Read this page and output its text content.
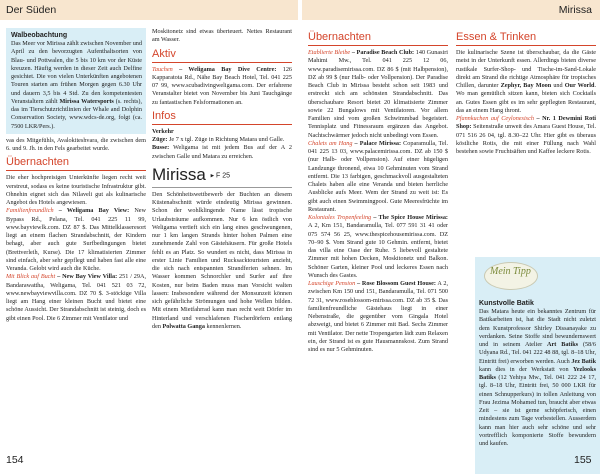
Der Süden	Mirissa
Walbeobachtung
Das Meer vor Mirissa zählt zwischen November und April zu den bevorzugten Aufenthaltsorten von Blau- und Pottwalen, die 5 bis 10 km vor der Küste kreuzen. Häufig werden in dieser Zeit auch Delfine gesichtet. Die von vielen Unterkünften angebotenen Touren starten am frühen Morgen gegen 6.30 Uhr und dauern 3,5 bis 4 Std. Zu den kompetentesten Veranstaltern zählt Mirissa Watersports (s. rechts), das im Tierschutzrichtlinien der Whale and Dolphin Conservation Society, www.wdcs-de.org, folgt (ca. 7500 LKR/Pers.).

vas des Mitgefühls, Avalokiteshvara, die zwischen dem 6. und 9. Jh. in den Fels gearbeitet wurde.

Übernachten

Die eher hochpreisigen Unterkünfte liegen recht weit verstreut, sodass es keine touristische Infrastruktur gibt. Ohnehin eignet sich das Nilaveli gut als kulinarische Angebot des Hotels angewiesen.

Familienfreundlich – Weligama Bay View: New Bypass Rd., Pelana, Tel. 041 225 11 99, www.bayviewlk.com. DZ 87 $. Das Mittelklasseresort liegt an einem flachen Strandabschnitt, der Kindern behagt, aber auch gute Surfbedingungen bietet (Brettverleih, Kurse). Die 17 klimatisierten Zimmer sind einfach, aber sehr gepflegt und haben fast alle eine Veranda. Gelobt wird auch die Küche.

Mit Blick auf Bucht – New Bay View Villa: 251 / 29A, Bandarawattha, Weligama, Tel. 041 521 03 72, www.newbayviewvilla.com. DZ 70 $. 3-stöckige Villa liegt am Hang einer kleinen Bucht und bietet eine schöne Aussicht. Der Strandabschnitt ist steinig, doch es gibt einen Pool. Die 6 Zimmer mit Ventilator und

Moskitonetz sind etwas überteuert. Nettes Restaurant am Wasser.

Aktiv

Tauchen – Weligama Bay Dive Centre: 126 Kapparatota Rd., Nähe Bay Beach Hotel, Tel. 041 225 07 99, www.scubadivingweligama.com. Der erfahrene Veranstalter bietet von November bis Juni Tauchgänge zu fantastischen Felsformationen an.

Infos

Verkehr

Züge: Je 7 x tgl. Züge in Richtung Matara und Galle.

Busse: Weligama ist mit jedem Bus auf der A 2 zwischen Galle und Matara zu erreichen.

Mirissa ▸ F 25

Den Schönheitswettbewerb der Buchten an diesem Küstenabschnitt würde eindeutig Mirissa gewinnen. Schon der wohlklingende Name lässt tropische Urlaubsträume aufkommen. Nur 6 km östlich von Weligama vertieft sich ein lang eines geschwungenen, nur 1 km langen Strands hinter hohen Palmen eine zunehmende Zahl von Gästehäusern. Für große Hotels fehlt es an Platz. So wundert es nicht, dass Mirissa in erster Linie Familien und Rucksacktouristen anzieht, die sich nach entspannten Strandferien sehnen. Im Wasser kommen Schnorchler und Surfer auf ihre Kosten, nur beim Baden muss man Vorsicht walten lassen: Insbesondere während der Monsunzeit können sich gefährliche Strömungen und hohe Wellen bilden. Mit einem Mietfahrrad kann man recht weit Dörfer im Hinterland und verschlafenen Fischerdörfern entlang den Polwatta Ganga kennenlernen.

Übernachten

Etablierte Bleibe – Paradise Beach Club: 140 Gunasiri Mahimi Mw., Tel. 041 225 12 06, www.paradisemirissa.com. DZ 86 $ (mit Halbpension), DZ ab 99 $ (nur Halb- oder Vollpension). Der Paradise Beach Club in Mirissa besteht schon seit 1983 und erstreckt sich am schönsten Strandabschnitt. Das überschaubare Resort bietet 20 klimatisierte Zimmer sowie 22 Bungalows mit Ventilatoren. Vor allem Familien sind vom großen Schwimmbad begeistert. Tennisplatz und Fitnessraum ergänzen das Angebot. Nachtschwärmer jedoch nicht unbedingt vom Essen.

Chalets am Hang – Palace Mirissa: Coparamulla, Tel. 041 225 13 03, www.palacemirissa.com. DZ ab 150 $ (nur Halb- oder Vollpension). Auf einer hügeligen Landzunge thronend, etwa 10 Gehminuten vom Strand entfernt. Die 13 farbigen, geschmackvoll ausgestalteten Chalets haben alle eine Veranda und bieten herrliche Ausblicke aufs Meer. Wem der Strand zu weit ist: Es gibt auch einen Swimmingpool. Gute Meeresfrüchte im Restaurant.

Koloniales Tropenfeeling – The Spice House Mirissa: A 2, Km 151, Bandaramulla, Tel. 077 591 31 41 oder 075 574 56 25, www.thespicehousemirissa.com. DZ 70–90 $. Vom Strand gute 10 Gehmin. entfernt, bietet das villa eine Oase der Ruhe. 5 liebevoll gestaltete Zimmer mit hohen Decken, Moskitonetz und Balkon. Schöner Garten, kleiner Pool und leckeres Essen nach Wunsch des Gastes.

Lauschige Pension – Rose Blossom Guest House: A 2, zwischen Km 150 und 151, Bandaramulla, Tel. 071 500 72 31, www.roseblossom-mirissa.com. DZ ab 35 $. Das familienfreundliche Gästehaus liegt in einer Nebenstraße, die gegenüber vom Gingala Hotel abzweigt, und bietet 6 Zimmer mit Bad. Sechs Zimmer mit Ventilator. Der nette Tropengarten lädt zum Relaxen ein, der Strand ist es gute Hausmannskost. Zum Strand sind es nur 5 Gehminuten.

Essen & Trinken

Die kulinarische Szene ist überschaubar, da die Gäste meist in der Unterkunft essen. Allerdings bieten diverse rustikale Surfer-Shop- und Tische-im-Sand-Lokale direkt am Strand die richtige Atmosphäre für tropisches Chillen, darunter Zephyr, Bay Moon und Our World. Wo man gemütlich sitzen kann, bieten sich Cocktails an. Gutes Essen gibt es im sehr gepflegten Restaurant, das an einem Hang thront.

Pfannkuchen auf Ceylonesisch – Nr. 1 Dewmini Roti Shop: Seitenstraße unweit des Amara Guest House, Tel. 071 516 26 04, tgl. 8.30–22 Uhr. Hier gibt es überaus köstliche Rotis, die mit einer Füllung nach Wahl bestehen sowie Fruchtsäften und Kaffee leckere Rotis.

Mein Tipp
Kunstvolle Batik

Das Matara heute ein bekanntes Zentrum für Batikarbeiten ist, hat die Stadt nicht zuletzt dem Kunstprofessor Shirley Dissanayake zu verdanken. Seine Stoffe sind bewundernswert und in seinem Atelier Art Batiks (58/6 Udyana Rd., Tel. 041 222 48 88, tgl. 8–18 Uhr, Eintritt frei) erworben werden. Auch Jez Batik kann dies in der Werkstatt von Yezlooks Batiks (12 Yehiya Mw., Tel. 041 222 24 17, tgl. 8–18 Uhr, Eintritt frei, 50 000 LKR für einen Schnupperkurs) in tollen Anleitung von Frau Jezima Mohamed tun, braucht aber etwas Zeit – sie ist gerne schöpferisch, einen mindestens zum Tage vorbestellen. Ausserdem kann man hier auch sehr schöne und sehr vortrefflich komponierte Stoffe bewundern und kaufen.

154	155
